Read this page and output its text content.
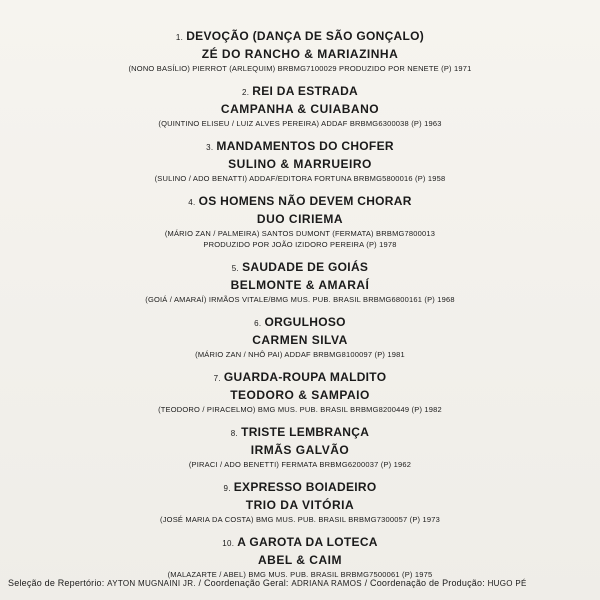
1. DEVOÇÃO (DANÇA DE SÃO GONÇALO)
ZÉ DO RANCHO & MARIAZINHA
(NONO BASÍLIO) PIERROT (ARLEQUIM) BRBMG7100029 PRODUZIDO POR NENETE (P) 1971
2. REI DA ESTRADA
CAMPANHA & CUIABANO
(QUINTINO ELISEU / LUIZ ALVES PEREIRA) ADDAF BRBMG6300038 (P) 1963
3. MANDAMENTOS DO CHOFER
SULINO & MARRUEIRO
(SULINO / ADO BENATTI) ADDAF/EDITORA FORTUNA BRBMG5800016 (P) 1958
4. OS HOMENS NÃO DEVEM CHORAR
DUO CIRIEMA
(MÁRIO ZAN / PALMEIRA) SANTOS DUMONT (FERMATA) BRBMG7800013
PRODUZIDO POR JOÃO IZIDORO PEREIRA (P) 1978
5. SAUDADE DE GOIÁS
BELMONTE & AMARAÍ
(GOIÁ / AMARAÍ) IRMÃOS VITALE/BMG MUS. PUB. BRASIL BRBMG6800161 (P) 1968
6. ORGULHOSO
CARMEN SILVA
(MÁRIO ZAN / NHÔ PAI) ADDAF BRBMG8100097 (P) 1981
7. GUARDA-ROUPA MALDITO
TEODORO & SAMPAIO
(TEODORO / PIRACELMO) BMG MUS. PUB. BRASIL BRBMG8200449 (P) 1982
8. TRISTE LEMBRANÇA
IRMÃS GALVÃO
(PIRACI / ADO BENETTI) FERMATA BRBMG6200037 (P) 1962
9. EXPRESSO BOIADEIRO
TRIO DA VITÓRIA
(JOSÉ MARIA DA COSTA) BMG MUS. PUB. BRASIL BRBMG7300057 (P) 1973
10. A GAROTA DA LOTECA
ABEL & CAIM
(MALAZARTE / ABEL) BMG MUS. PUB. BRASIL BRBMG7500061 (P) 1975
Seleção de Repertório: AYTON MUGNAINI JR. / Coordenação Geral: ADRIANA RAMOS / Coordenação de Produção: HUGO PÉ
